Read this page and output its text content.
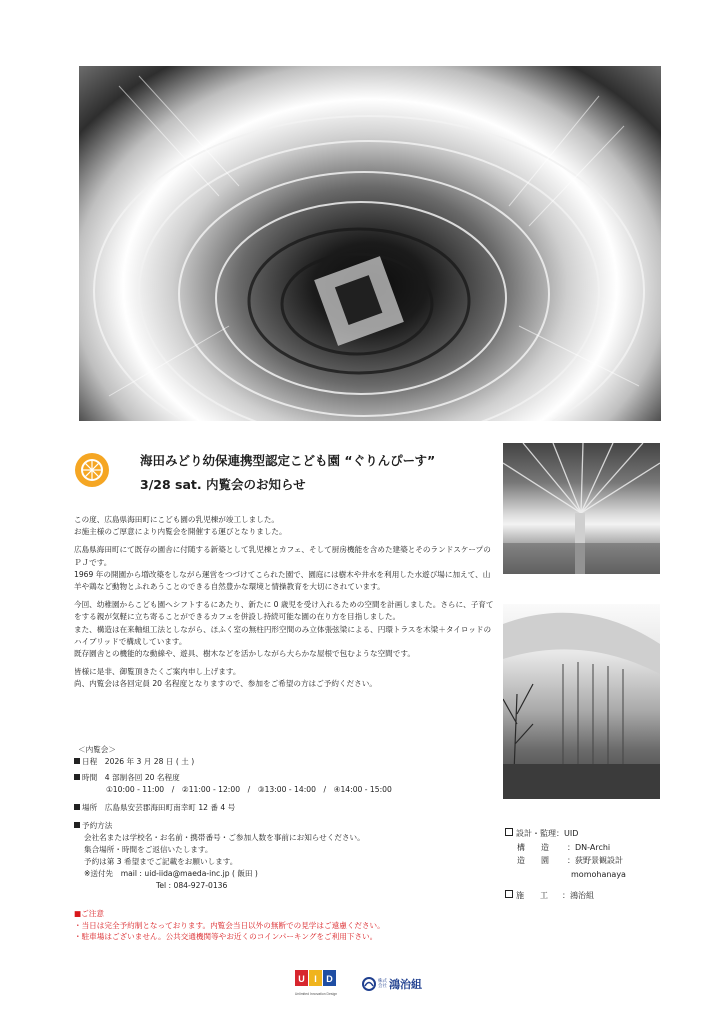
海田みどり幼保連携型認定こども園 “ぐりんぴーす”
3/28 sat. 内覧会のお知らせ

この度、広島県海田町にこども園の乳児棟が竣工しました。
お施主様のご厚意により内覧会を開催する運びとなりました。

広島県海田町にて既存の園舎に付随する新築として乳児棟とカフェ、そして厨房機能を含めた建築とそのランドスケープのＰＪです。
1969 年の開園から増改築をしながら運営をつづけてこられた園で、園庭には樹木や井水を利用した水遊び場に加えて、山羊や鶏など動物とふれあうことのできる自然豊かな環境と情操教育を大切にされています。

今回、幼稚園からこども園へシフトするにあたり、新たに 0 歳児を受け入れるための空間を計画しました。さらに、子育てをする親が気軽に立ち寄ることができるカフェを併設し持続可能な園の在り方を目指しました。
また、構造は在来軸組工法としながら、ほふく室の無柱円形空間のみ立体張弦梁による、円環トラスを木梁＋タイロッドのハイブリッドで構成しています。
既存園舎との機能的な動線や、遊具、樹木などを活かしながら大らかな屋根で包むような空間です。

皆様に是非、御覧頂きたくご案内申し上げます。
尚、内覧会は各回定員 20 名程度となりますので、参加をご希望の方はご予約ください。

＜内覧会＞
日程　2026 年 3 月 28 日 ( 土 )
時間　4 部制各回 20 名程度
①10:00 - 11:00　/　②11:00 - 12:00　/　③13:00 - 14:00　/　④14:00 - 15:00
場所　広島県安芸郡海田町南幸町 12 番 4 号
予約方法
会社名または学校名・お名前・携帯番号・ご参加人数を事前にお知らせください。
集合場所・時間をご返信いたします。
予約は第 3 希望までご記載をお願いします。
※送付先　mail : uid-iida@maeda-inc.jp ( 飯田 )
Tel : 084-927-0136
■ご注意
・当日は完全予約制となっております。内覧会当日以外の無断での見学はご遠慮ください。
・駐車場はございません。公共交通機関等やお近くのコインパーキングをご利用下さい。
設計・監理：UID
構　　造 ：DN-Archi
造　　園 ：荻野景観設計
momohanaya
施　　工 ：鴻治組
U I D
Unlimited Innovation Design
株式
会社 鴻治組
